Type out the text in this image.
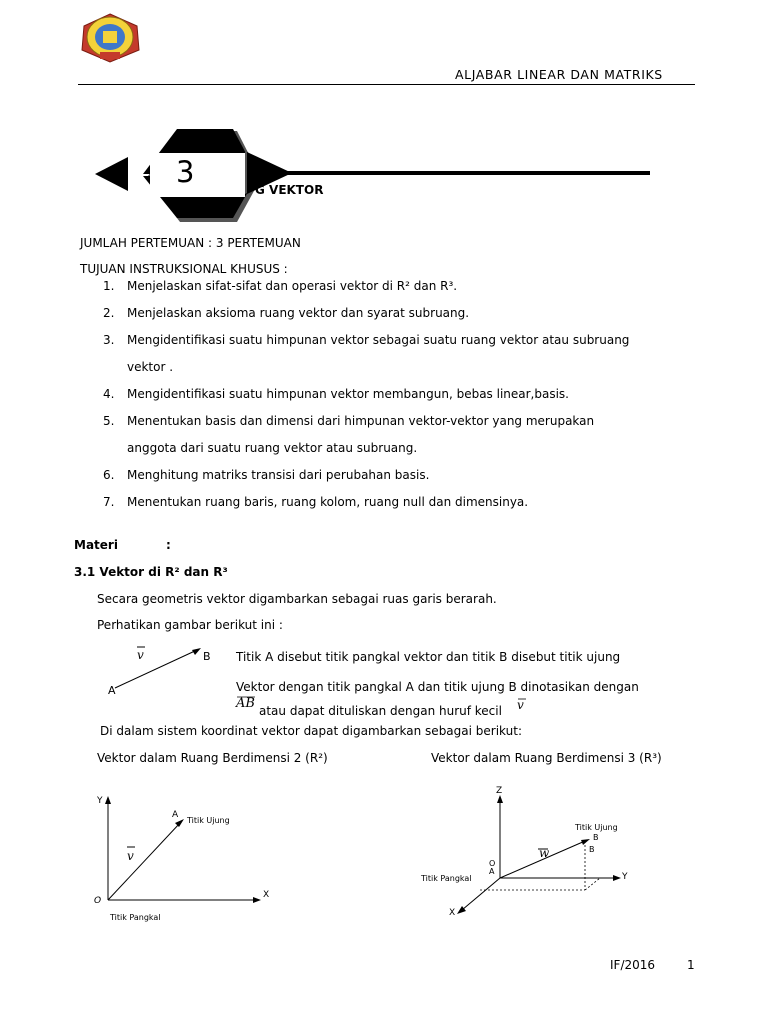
ALJABAR LINEAR DAN MATRIKS
3
G VEKTOR
JUMLAH PERTEMUAN : 3 PERTEMUAN
TUJUAN INSTRUKSIONAL KHUSUS :
1. Menjelaskan sifat-sifat dan operasi vektor di R² dan R³.
2. Menjelaskan aksioma ruang vektor dan syarat subruang.
3. Mengidentifikasi suatu himpunan vektor sebagai suatu ruang vektor atau subruang
vektor .
4. Mengidentifikasi suatu himpunan vektor membangun, bebas linear,basis.
5. Menentukan basis dan dimensi dari himpunan vektor-vektor yang merupakan
anggota dari suatu ruang vektor atau subruang.
6. Menghitung matriks transisi dari perubahan basis.
7. Menentukan ruang baris, ruang kolom, ruang null dan dimensinya.
Materi	:
3.1 Vektor di R² dan R³
Secara geometris vektor digambarkan sebagai ruas garis berarah.
Perhatikan gambar berikut ini :
v
A
B Titik A disebut titik pangkal vektor dan titik B disebut titik ujung
Vektor dengan titik pangkal A dan titik ujung B dinotasikan dengan
AB atau dapat dituliskan dengan huruf kecil v
Di dalam sistem koordinat vektor dapat digambarkan sebagai berikut:
Vektor dalam Ruang Berdimensi 2 (R²)	Vektor dalam Ruang Berdimensi 3 (R³)
Y
X
O
A
v
Titik Ujung
Titik Pangkal
Z
Y
X
O
A
B
B
w
Titik Ujung
Titik Pangkal
IF/2016	1
